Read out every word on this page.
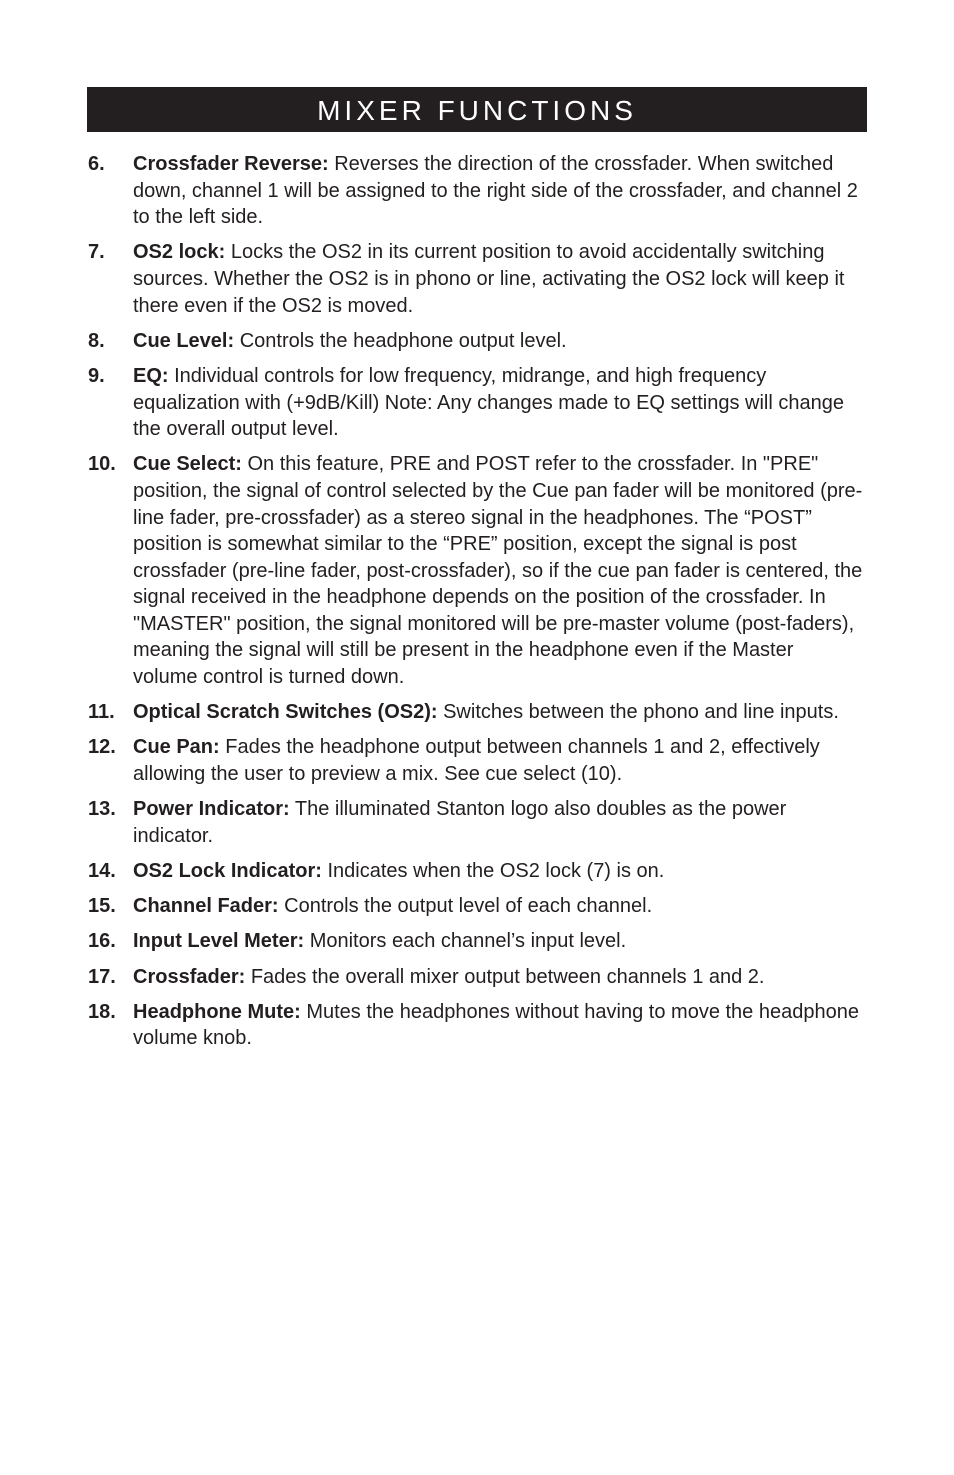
MIXER FUNCTIONS
6. Crossfader Reverse: Reverses the direction of the crossfader. When switched down, channel 1 will be assigned to the right side of the crossfader, and channel 2 to the left side.
7. OS2 lock: Locks the OS2 in its current position to avoid accidentally switching sources. Whether the OS2 is in phono or line, activating the OS2 lock will keep it there even if the OS2 is moved.
8. Cue Level: Controls the headphone output level.
9. EQ: Individual controls for low frequency, midrange, and high frequency equalization with (+9dB/Kill) Note: Any changes made to EQ settings will change the overall output level.
10. Cue Select: On this feature, PRE and POST refer to the crossfader. In "PRE" position, the signal of control selected by the Cue pan fader will be monitored (pre-line fader, pre-crossfader) as a stereo signal in the headphones. The “POST” position is somewhat similar to the “PRE” position, except the signal is post crossfader (pre-line fader, post-crossfader), so if the cue pan fader is centered, the signal received in the headphone depends on the position of the crossfader. In "MASTER" position, the signal monitored will be pre-master volume (post-faders), meaning the signal will still be present in the headphone even if the Master volume control is turned down.
11. Optical Scratch Switches (OS2): Switches between the phono and line inputs.
12. Cue Pan: Fades the headphone output between channels 1 and 2, effectively allowing the user to preview a mix. See cue select (10).
13. Power Indicator: The illuminated Stanton logo also doubles as the power indicator.
14. OS2 Lock Indicator: Indicates when the OS2 lock (7) is on.
15. Channel Fader: Controls the output level of each channel.
16. Input Level Meter: Monitors each channel’s input level.
17. Crossfader: Fades the overall mixer output between channels 1 and 2.
18. Headphone Mute: Mutes the headphones without having to move the headphone volume knob.
